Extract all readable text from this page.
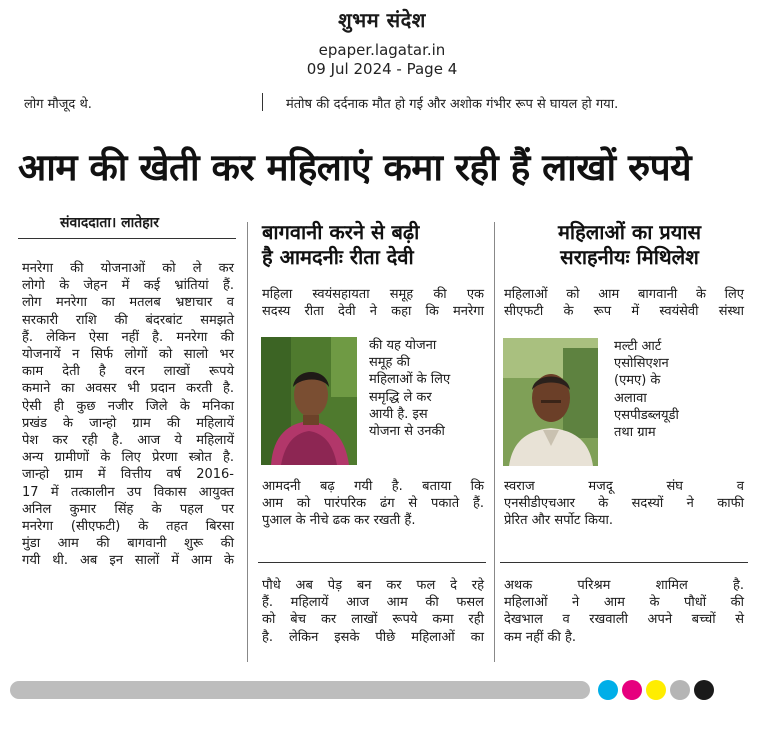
शुभम संदेश
epaper.lagatar.in
09 Jul 2024 - Page 4
लोग मौजूद थे.	मंतोष की दर्दनाक मौत हो गई और अशोक गंभीर रूप से घायल हो गया.
आम की खेती कर महिलाएं कमा रही हैं लाखों रुपये
संवाददाता। लातेहार

मनरेगा की योजनाओं को ले कर

लोगो के जेहन में कई भ्रांतियां हैं.

लोग मनरेगा का मतलब भ्रष्टाचार व

सरकारी राशि की बंदरबांट समझते

हैं. लेकिन ऐसा नहीं है. मनरेगा की

योजनायें न सिर्फ लोगों को सालो भर

काम देती है वरन लाखों रूपये

कमाने का अवसर भी प्रदान करती है.

ऐसी ही कुछ नजीर जिले के मनिका

प्रखंड के जान्हो ग्राम की महिलायें

पेश कर रही है. आज ये महिलायें

अन्य ग्रामीणों के लिए प्रेरणा स्त्रोत है.

जान्हो ग्राम में वित्तीय वर्ष 2016-

17 में तत्कालीन उप विकास आयुक्त

अनिल कुमार सिंह के पहल पर

मनरेगा (सीएफटी) के तहत बिरसा

मुंडा आम की बागवानी शुरू की

गयी थी. अब इन सालों में आम के

बागवानी करने से बढ़ी
है आमदनीः रीता देवी

महिला स्वयंसहायता समूह की एक

सदस्य रीता देवी ने कहा कि मनरेगा

की यह योजना

समूह की

महिलाओं के लिए

समृद्धि ले कर

आयी है. इस

योजना से उनकी

आमदनी बढ़ गयी है. बताया कि

आम को पारंपरिक ढंग से पकाते हैं.

पुआल के नीचे ढक कर रखती हैं.

महिलाओं का प्रयास
सराहनीयः मिथिलेश

महिलाओं को आम बागवानी के लिए

सीएफटी के रूप में स्वयंसेवी संस्था

मल्टी आर्ट

एसोसिएशन

(एमए) के

अलावा

एसपीडब्लयूडी

तथा ग्राम

स्वराज मजदू संघ व

एनसीडीएचआर के सदस्यों ने काफी

प्रेरित और सर्पोट किया.

पौधे अब पेड़ बन कर फल दे रहे

हैं. महिलायें आज आम की फसल

को बेच कर लाखों रूपये कमा रही

है. लेकिन इसके पीछे महिलाओं का

अथक परिश्रम शामिल है.

महिलाओं ने आम के पौधों की

देखभाल व रखवाली अपने बच्चों से

कम नहीं की है.
